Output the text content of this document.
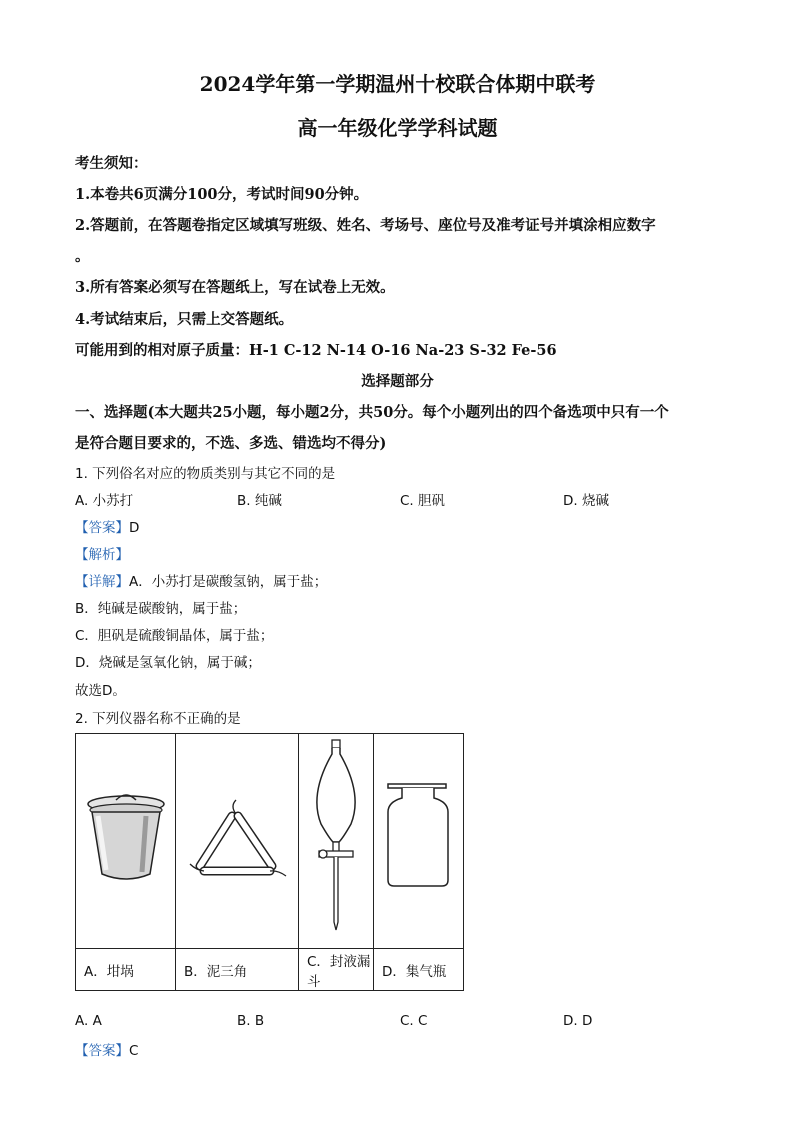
2024学年第一学期温州十校联合体期中联考
高一年级化学学科试题
考生须知：
1.本卷共6页满分100分，考试时间90分钟。
2.答题前，在答题卷指定区域填写班级、姓名、考场号、座位号及准考证号并填涂相应数字
。
3.所有答案必须写在答题纸上，写在试卷上无效。
4.考试结束后，只需上交答题纸。
可能用到的相对原子质量：H-1 C-12 N-14 O-16 Na-23 S-32 Fe-56
选择题部分
一、选择题(本大题共25小题，每小题2分，共50分。每个小题列出的四个备选项中只有一个
是符合题目要求的，不选、多选、错选均不得分)
1. 下列俗名对应的物质类别与其它不同的是
A. 小苏打	B. 纯碱	C. 胆矾	D. 烧碱
【答案】D
【解析】
【详解】A．小苏打是碳酸氢钠，属于盐；
B．纯碱是碳酸钠，属于盐；
C．胆矾是硫酸铜晶体，属于盐；
D．烧碱是氢氧化钠，属于碱；
故选D。
2. 下列仪器名称不正确的是

A．坩埚	B．泥三角	C．封液漏斗	D．集气瓶
A. A	B. B	C. C	D. D
【答案】C
